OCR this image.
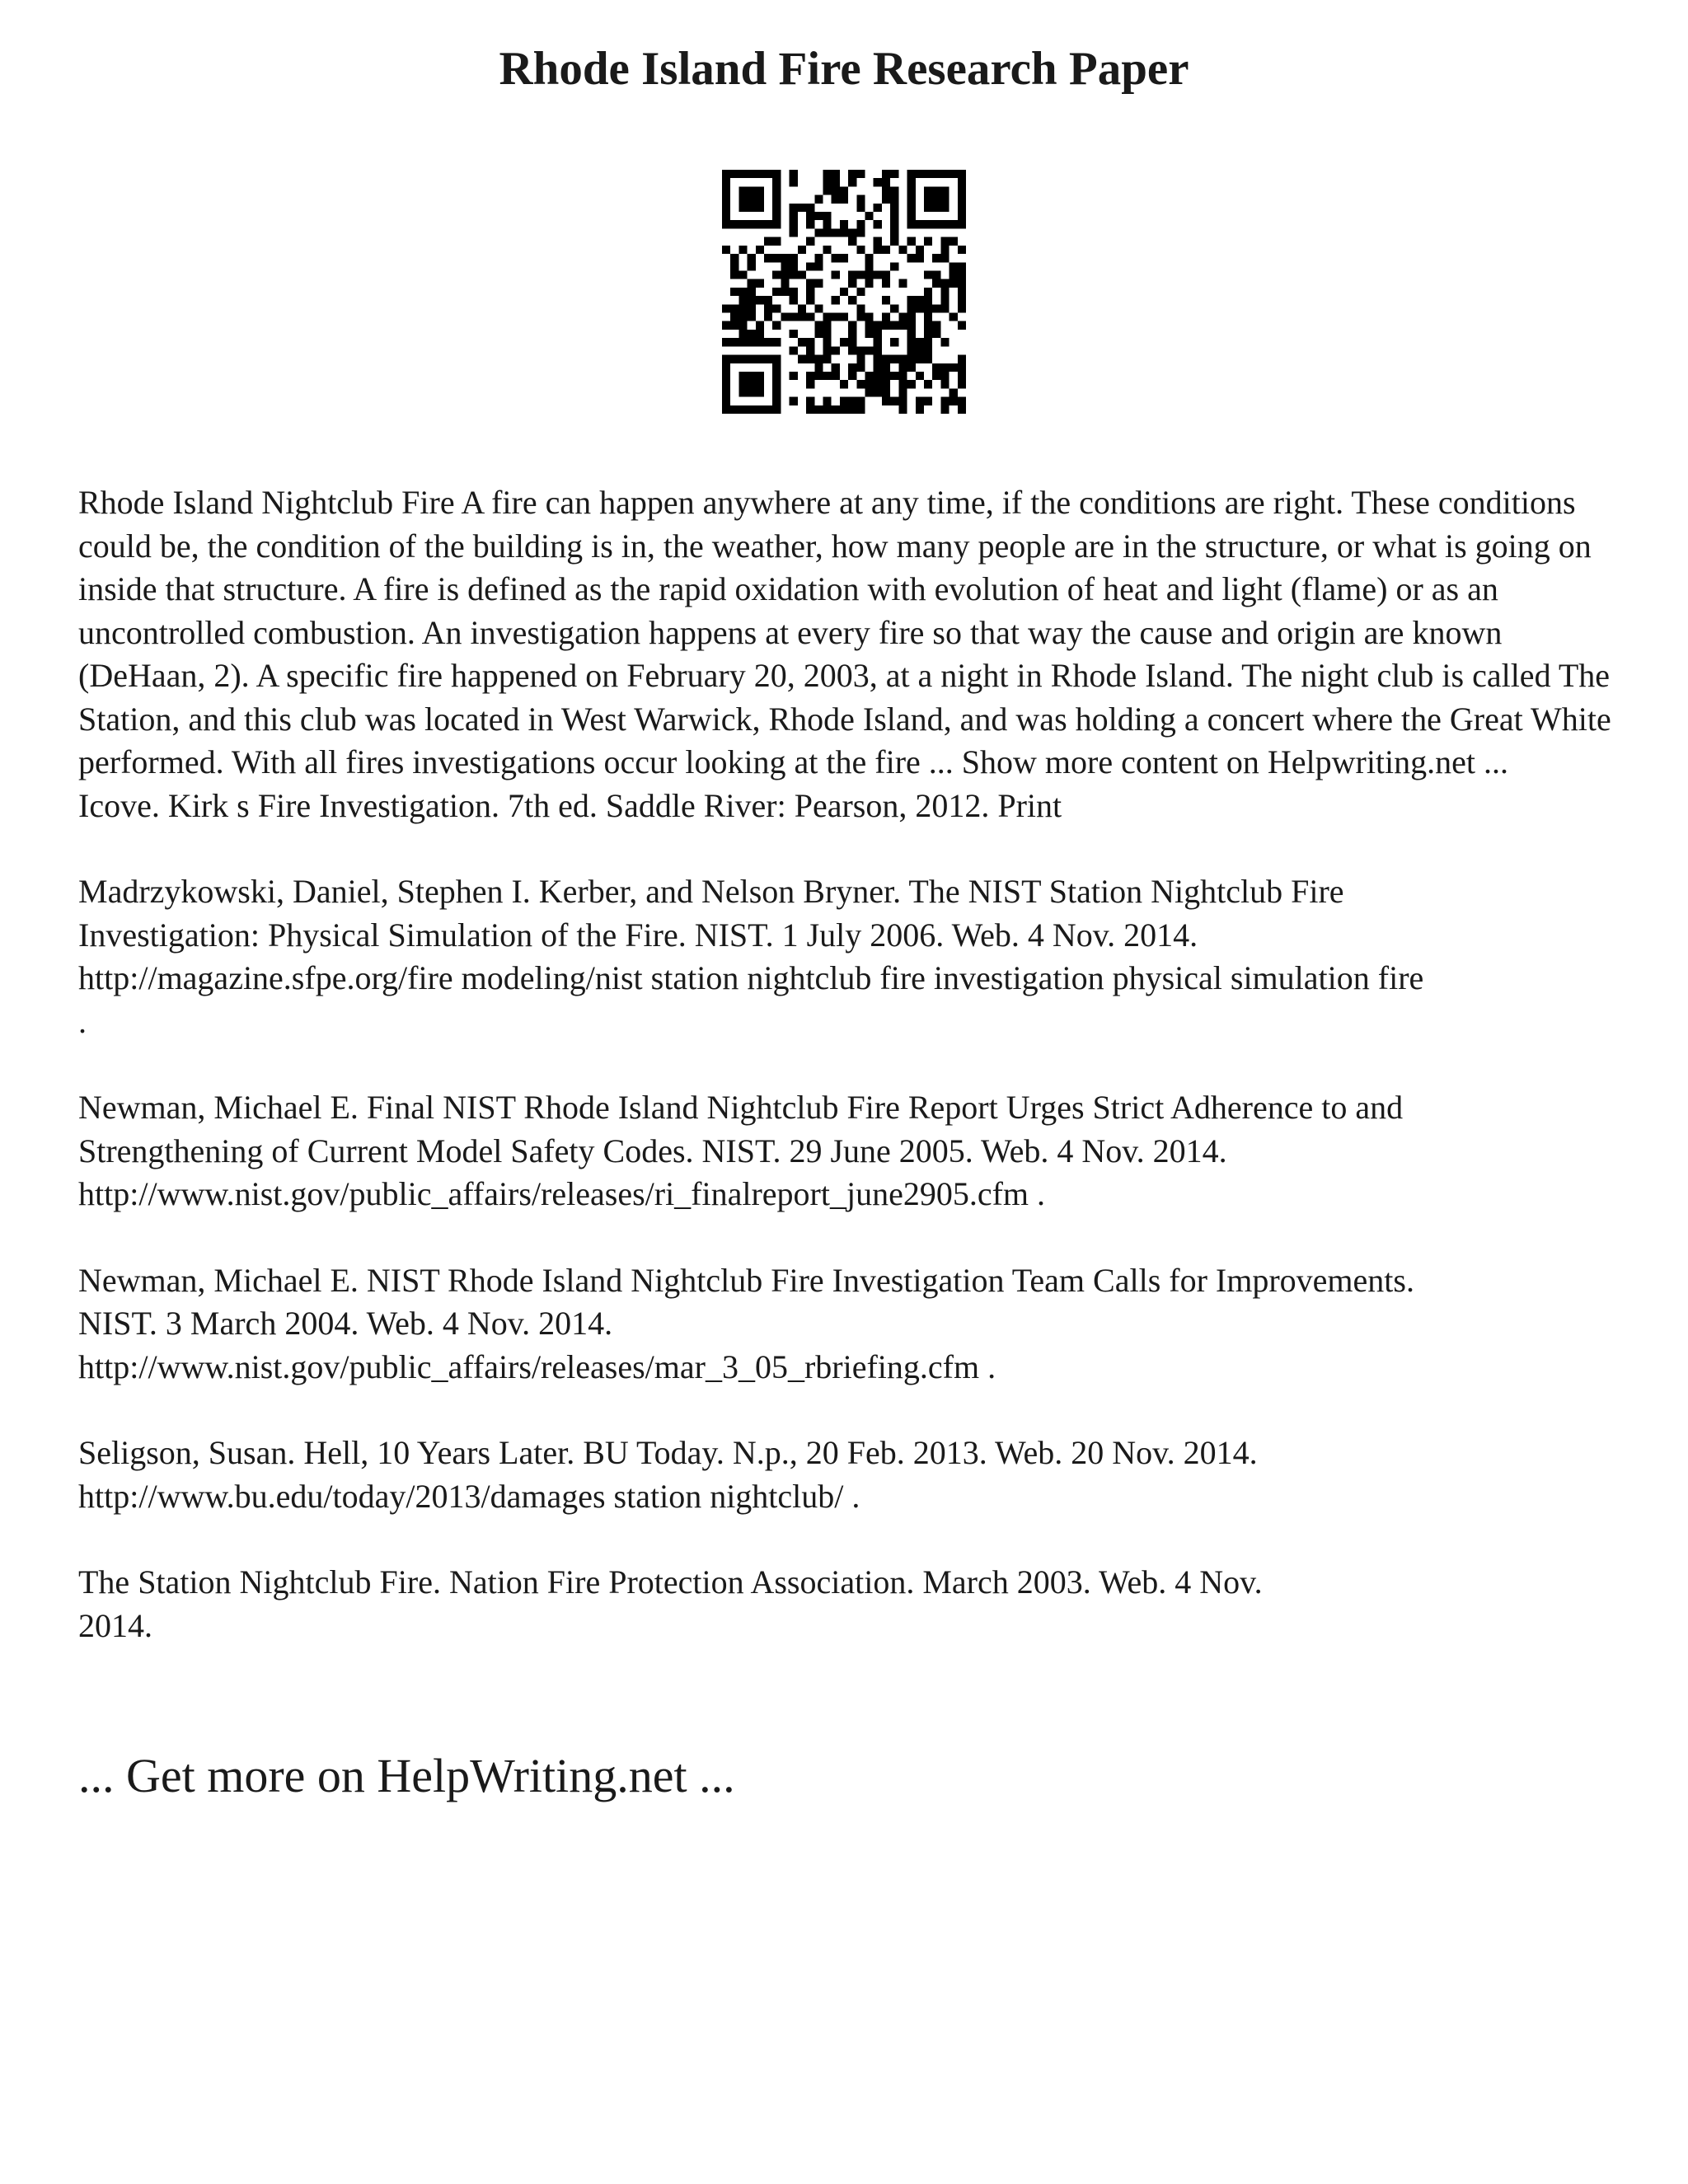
Rhode Island Fire Research Paper

Rhode Island Nightclub Fire A fire can happen anywhere at any time, if the conditions are right. These conditions could be, the condition of the building is in, the weather, how many people are in the structure, or what is going on inside that structure. A fire is defined as the rapid oxidation with evolution of heat and light (flame) or as an uncontrolled combustion. An investigation happens at every fire so that way the cause and origin are known (DeHaan, 2). A specific fire happened on February 20, 2003, at a night in Rhode Island. The night club is called The Station, and this club was located in West Warwick, Rhode Island, and was holding a concert where the Great White performed. With all fires investigations occur looking at the fire ... Show more content on Helpwriting.net ...
Icove. Kirk s Fire Investigation. 7th ed. Saddle River: Pearson, 2012. Print

Madrzykowski, Daniel, Stephen I. Kerber, and Nelson Bryner. The NIST Station Nightclub Fire
Investigation: Physical Simulation of the Fire. NIST. 1 July 2006. Web. 4 Nov. 2014.
http://magazine.sfpe.org/fire modeling/nist station nightclub fire investigation physical simulation fire
.

Newman, Michael E. Final NIST Rhode Island Nightclub Fire Report Urges Strict Adherence to and
Strengthening of Current Model Safety Codes. NIST. 29 June 2005. Web. 4 Nov. 2014.
http://www.nist.gov/public_affairs/releases/ri_finalreport_june2905.cfm .

Newman, Michael E. NIST Rhode Island Nightclub Fire Investigation Team Calls for Improvements.
NIST. 3 March 2004. Web. 4 Nov. 2014.
http://www.nist.gov/public_affairs/releases/mar_3_05_rbriefing.cfm .

Seligson, Susan. Hell, 10 Years Later. BU Today. N.p., 20 Feb. 2013. Web. 20 Nov. 2014.
http://www.bu.edu/today/2013/damages station nightclub/ .

The Station Nightclub Fire. Nation Fire Protection Association. March 2003. Web. 4 Nov.
2014.

... Get more on HelpWriting.net ...
